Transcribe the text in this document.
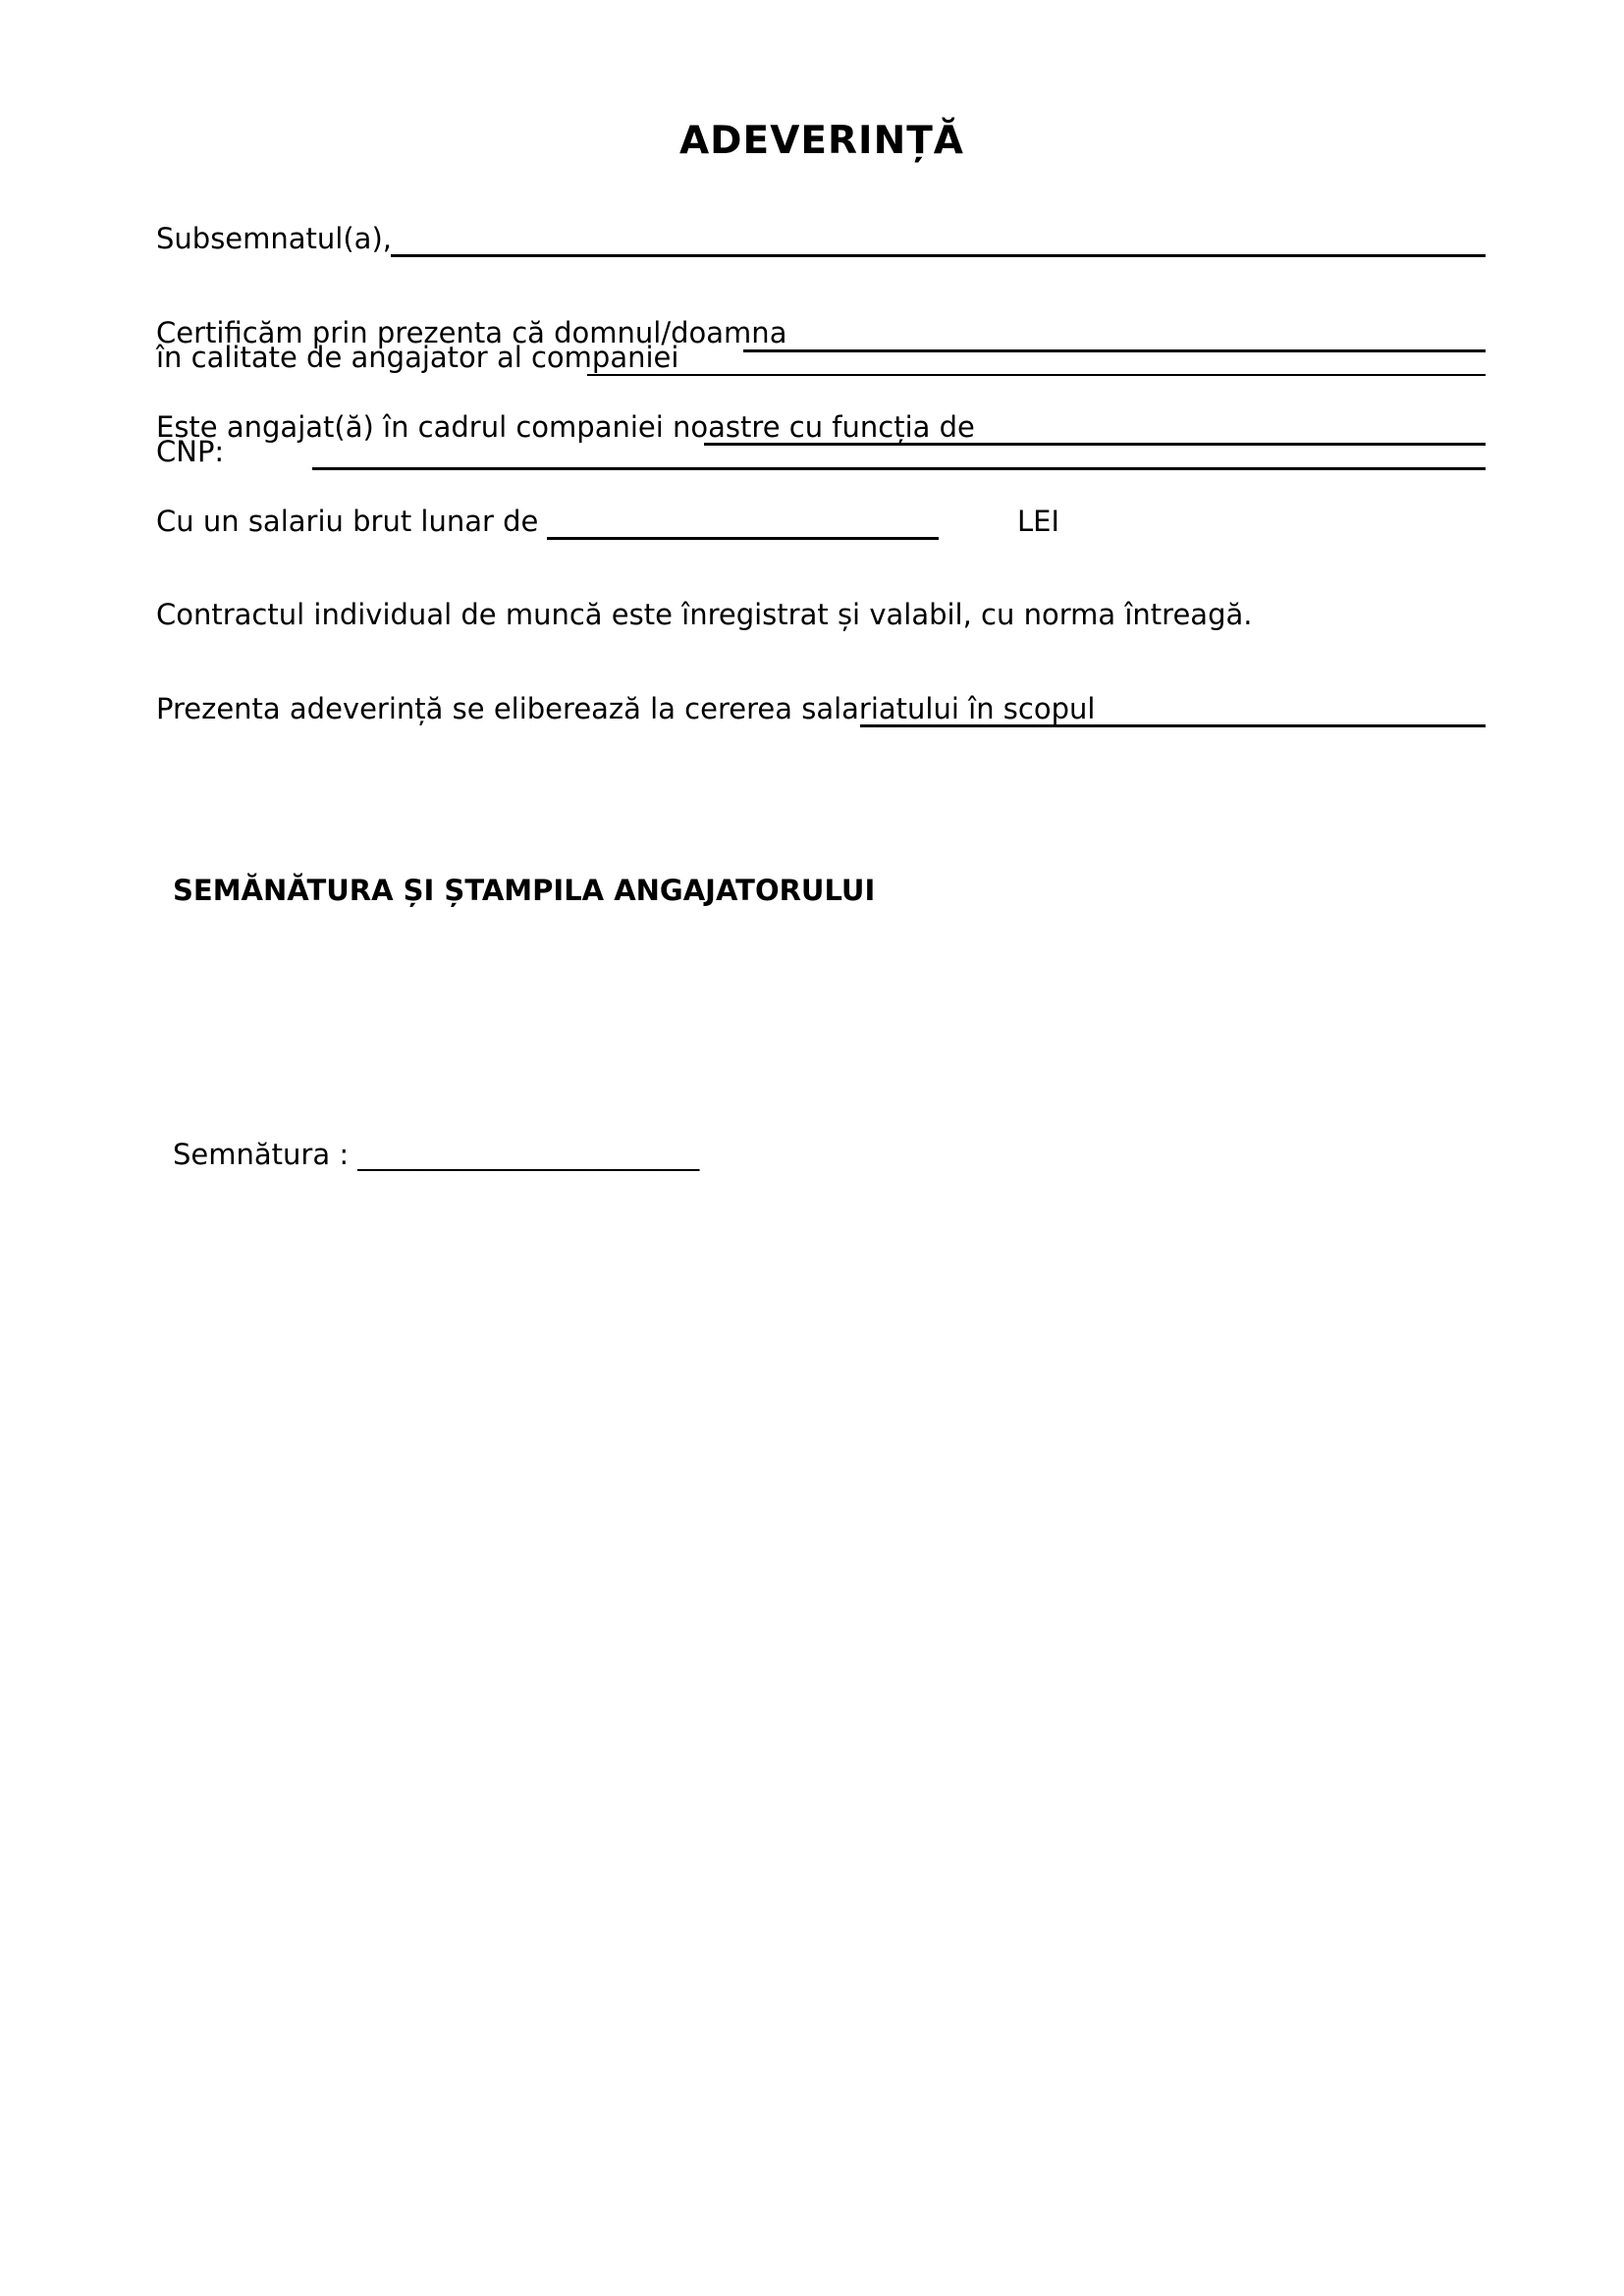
ADEVERINȚĂ
Subsemnatul(a),
Certificăm prin prezenta că domnul/doamna
în calitate de angajator al companiei
Este angajat(ă) în cadrul companiei noastre cu funcția de
CNP:
Cu un salariu brut lunar de	LEI
Contractul individual de muncă este înregistrat și valabil, cu norma întreagă.
Prezenta adeverință se eliberează la cererea salariatului în scopul
SEMĂNĂTURA ȘI ȘTAMPILA ANGAJATORULUI
Semnătura : ________________________
